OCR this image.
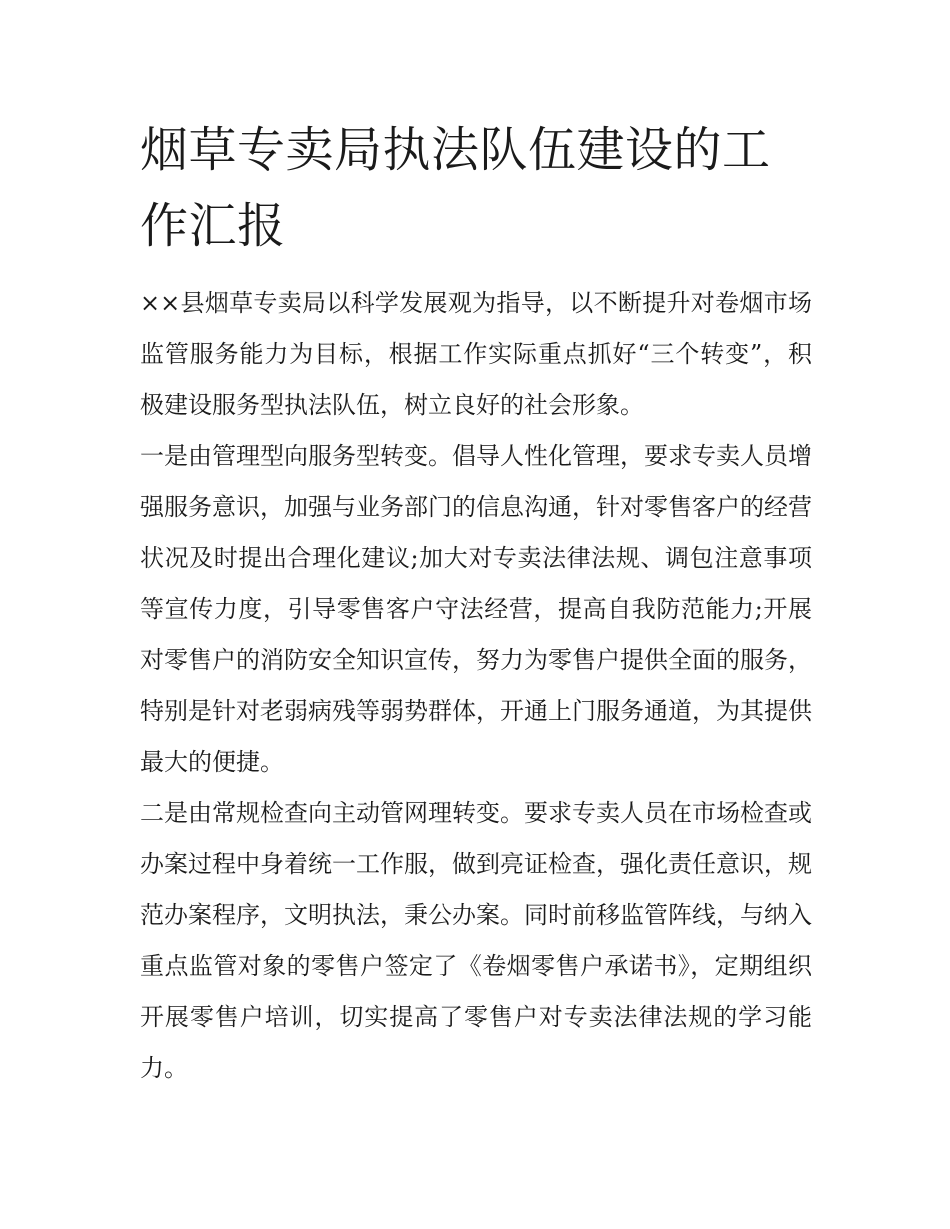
烟草专卖局执法队伍建设的工作汇报

××县烟草专卖局以科学发展观为指导，以不断提升对卷烟市场监管服务能力为目标，根据工作实际重点抓好“三个转变”，积极建设服务型执法队伍，树立良好的社会形象。

一是由管理型向服务型转变。倡导人性化管理，要求专卖人员增强服务意识，加强与业务部门的信息沟通，针对零售客户的经营状况及时提出合理化建议;加大对专卖法律法规、调包注意事项等宣传力度，引导零售客户守法经营，提高自我防范能力;开展对零售户的消防安全知识宣传，努力为零售户提供全面的服务，特别是针对老弱病残等弱势群体，开通上门服务通道，为其提供最大的便捷。

二是由常规检查向主动管网理转变。要求专卖人员在市场检查或办案过程中身着统一工作服，做到亮证检查，强化责任意识，规范办案程序，文明执法，秉公办案。同时前移监管阵线，与纳入重点监管对象的零售户签定了《卷烟零售户承诺书》，定期组织开展零售户培训，切实提高了零售户对专卖法律法规的学习能力。
